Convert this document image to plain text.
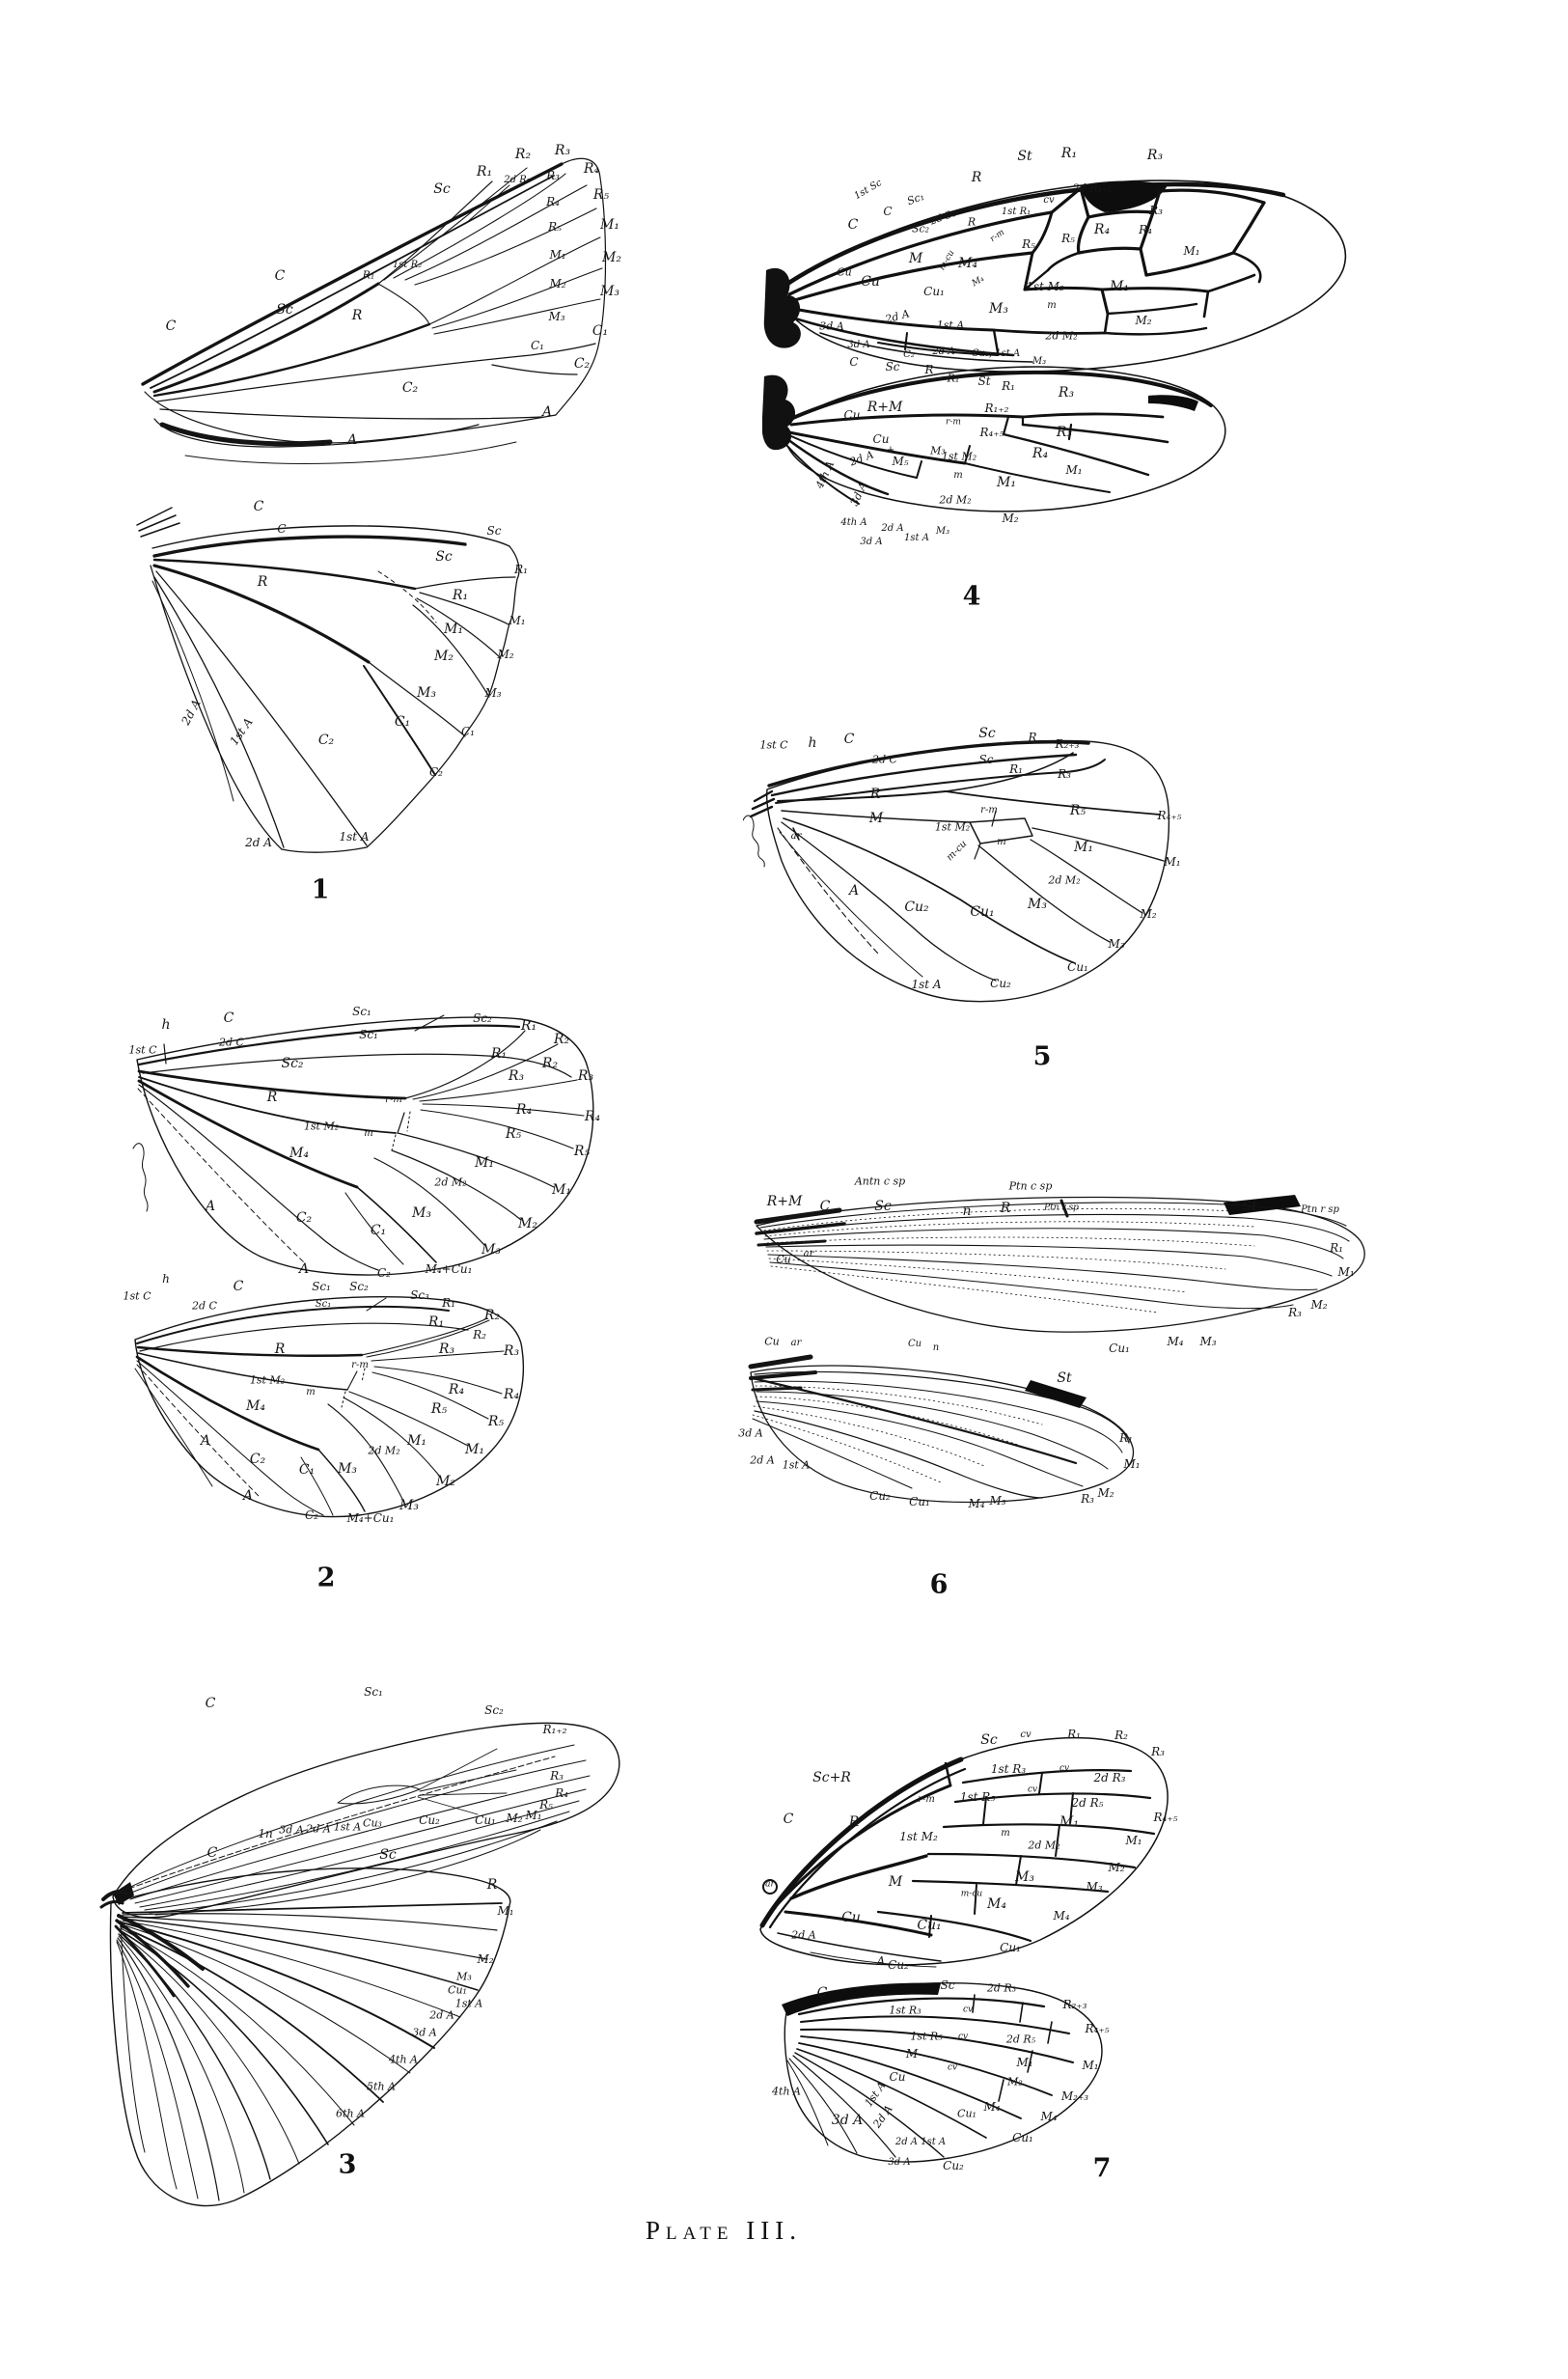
C
C
Sc
Sc
R₁
R₂
2d R₂
R₃
R₄
R₅
M₁
M₂
M₃
C₁
C₂
A
R₁
1st R₂
R
R₃
R₄
R₅
M₁
M₂
M₃
C₁
C₂
A
C
C	Sc
Sc
R
R₁
R₁
M₁
M₁
M₂
M₂
M₃
M₃
C₁
C₁
C₂
C₂
1st A
2d A
2d A	1st A
1
h
1st C
C
2d C
Sc₁
Sc₁
Sc₂
Sc₂
R₁
R₁
R₂
R₂
R₃
R₃
R₄
R₄
R₅
R₅
R	r-m
1st M₂
m
M₄
M₁
M₁
2d M₂
M₂
M₃
M₃
A
C₂
C₁
A	C₂	M₄+Cu₁
h
1st C
C
2d C
Sc₁
Sc₁
Sc₂
Sc₃
R₁
R₁	R₂
R₂
R₃
R₃
R₄
R₄
R₅
R₅
R
r-m
1st M₂
m
M₄
M₁
M₁
2d M₂
M₂
M₃
M₃
A
C₂
C₁
A
C₂ M₄+Cu₁
2
C
Sc₁
Sc₂
R₁₊₂
R₃
R₄
R₅
M₁
M₂
1n 3d A 2d A 1st A Cu₃	Cu₂	Cu₁
C	Sc
R
M₁
M₂
M₃
Cu₁
1st A
2d A
3d A
4th A
5th A
6th A
3
1st Sc
C
C
Sc₁
2d Sc
Sc₂
R
St R₁	R₃
cv
2d R₁₊₂
1st R₁
R
r-m R₅ R₅
R₄ R₄
R₃
M₁
M m-cu M₄
M₄	1st M₂
m
M₁
Cu
Cu
Cu₁
2d A 1st A
3d A
M₃
2d M₂
M₂
3d A
C₂ 2d A Cu₁, 1st A
M₃
C Sc R
R₁ St R₁	R₃
R+M	R₁₊₂
r-m
R₄₊₅	R₃
R₄
Cu
Cu
+
M₅
M₃
1st M₂
m	M₁
M₁
2d M₂
M₂
2d A
4th A
3d A
4th A
3d A
2d A
1st A
M₃
4
1st C h C
2d C
Sc
Sc
R R₂₊₃
R₁	R₃
R
M
r-m	R₅	R₄₊₅
1st M₂
m-cu	m	M₁
M₁
2d M₂
M₂
M₃
M₃
A
Cu₂	Cu₁
Cu₁
Cu₂
1st A
ar
5
R+M C
Antn c sp
Sc	n R
Ptn c sp
Ptn r sp	St	Ptn r sp
R₁
M₁
Cu ar
M₂
R₃
M₃
M₄
Cu₁
Cu ar	Cu n
St
3d A
2d A 1st A
Cu₂ Cu₁	M₄ M₃	R₃ M₂
M₁
R₁
6
Sc cv	R₁	R₂
R₃
Sc+R
C	R
r-m
1st R₃	cv
2d R₃
1st R₅
cv
2d R₅
R₄₊₅
M₁
M₁
m
2d M₂
1st M₂
M₂
M	M₃
M₃
m-cu
M₄
M₄
ar
Cu	Cu₁
Cu₁
2d A
A Cu₂
C	Sc	2d R₃
R₂₊₃
R₄₊₅
1st R₃	cv
1st R₅ cv	2d R₅
M
M₁	M₁
M₂
Cu
cv
M₄
Cu₁
M₂₊₃
M₄
Cu₁
Cu₂
1st A
2d A
3d A
4th A
2d A 1st A
3d A	7
Plate III.
